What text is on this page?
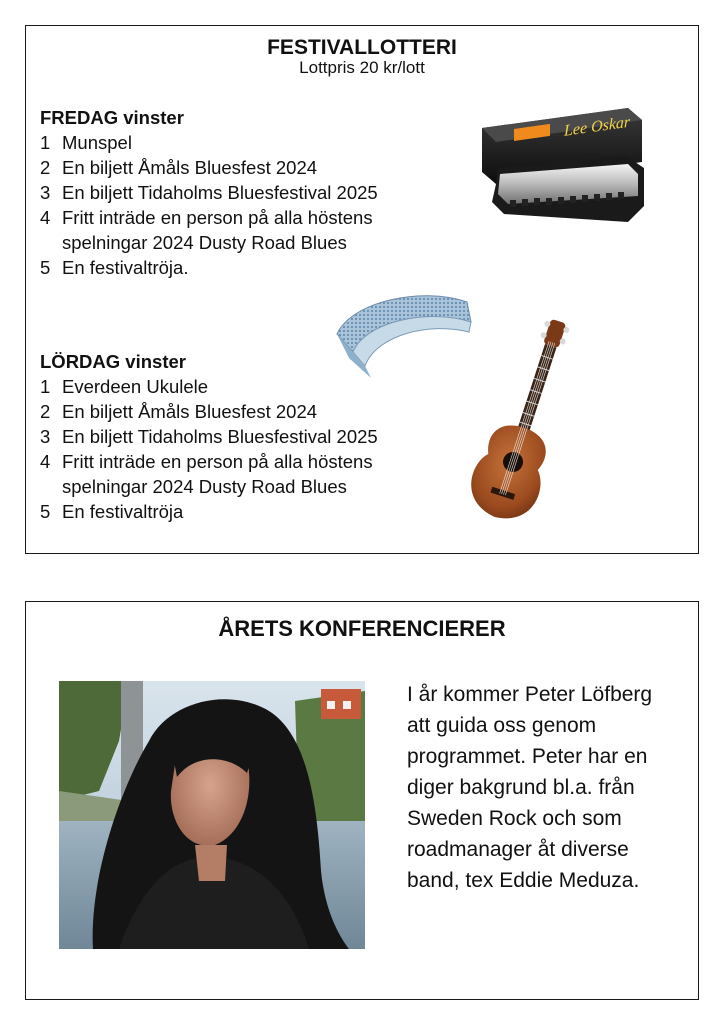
FESTIVALLOTTERI
Lottpris 20 kr/lott
FREDAG vinster
1 Munspel
2 En biljett Åmåls Bluesfest 2024
3 En biljett Tidaholms Bluesfestival 2025
4 Fritt inträde en person på alla höstens
spelningar 2024 Dusty Road Blues
5 En festivaltröja.
LÖRDAG vinster
1 Everdeen Ukulele
2 En biljett Åmåls Bluesfest 2024
3 En biljett Tidaholms Bluesfestival 2025
4 Fritt inträde en person på alla höstens
spelningar 2024 Dusty Road Blues
5 En festivaltröja
Lee Oskar
ÅRETS KONFERENCIERER
I år kommer Peter Löfberg att guida oss genom programmet. Peter har en diger bakgrund bl.a. från Sweden Rock och som roadmanager åt diverse band, tex Eddie Meduza.
